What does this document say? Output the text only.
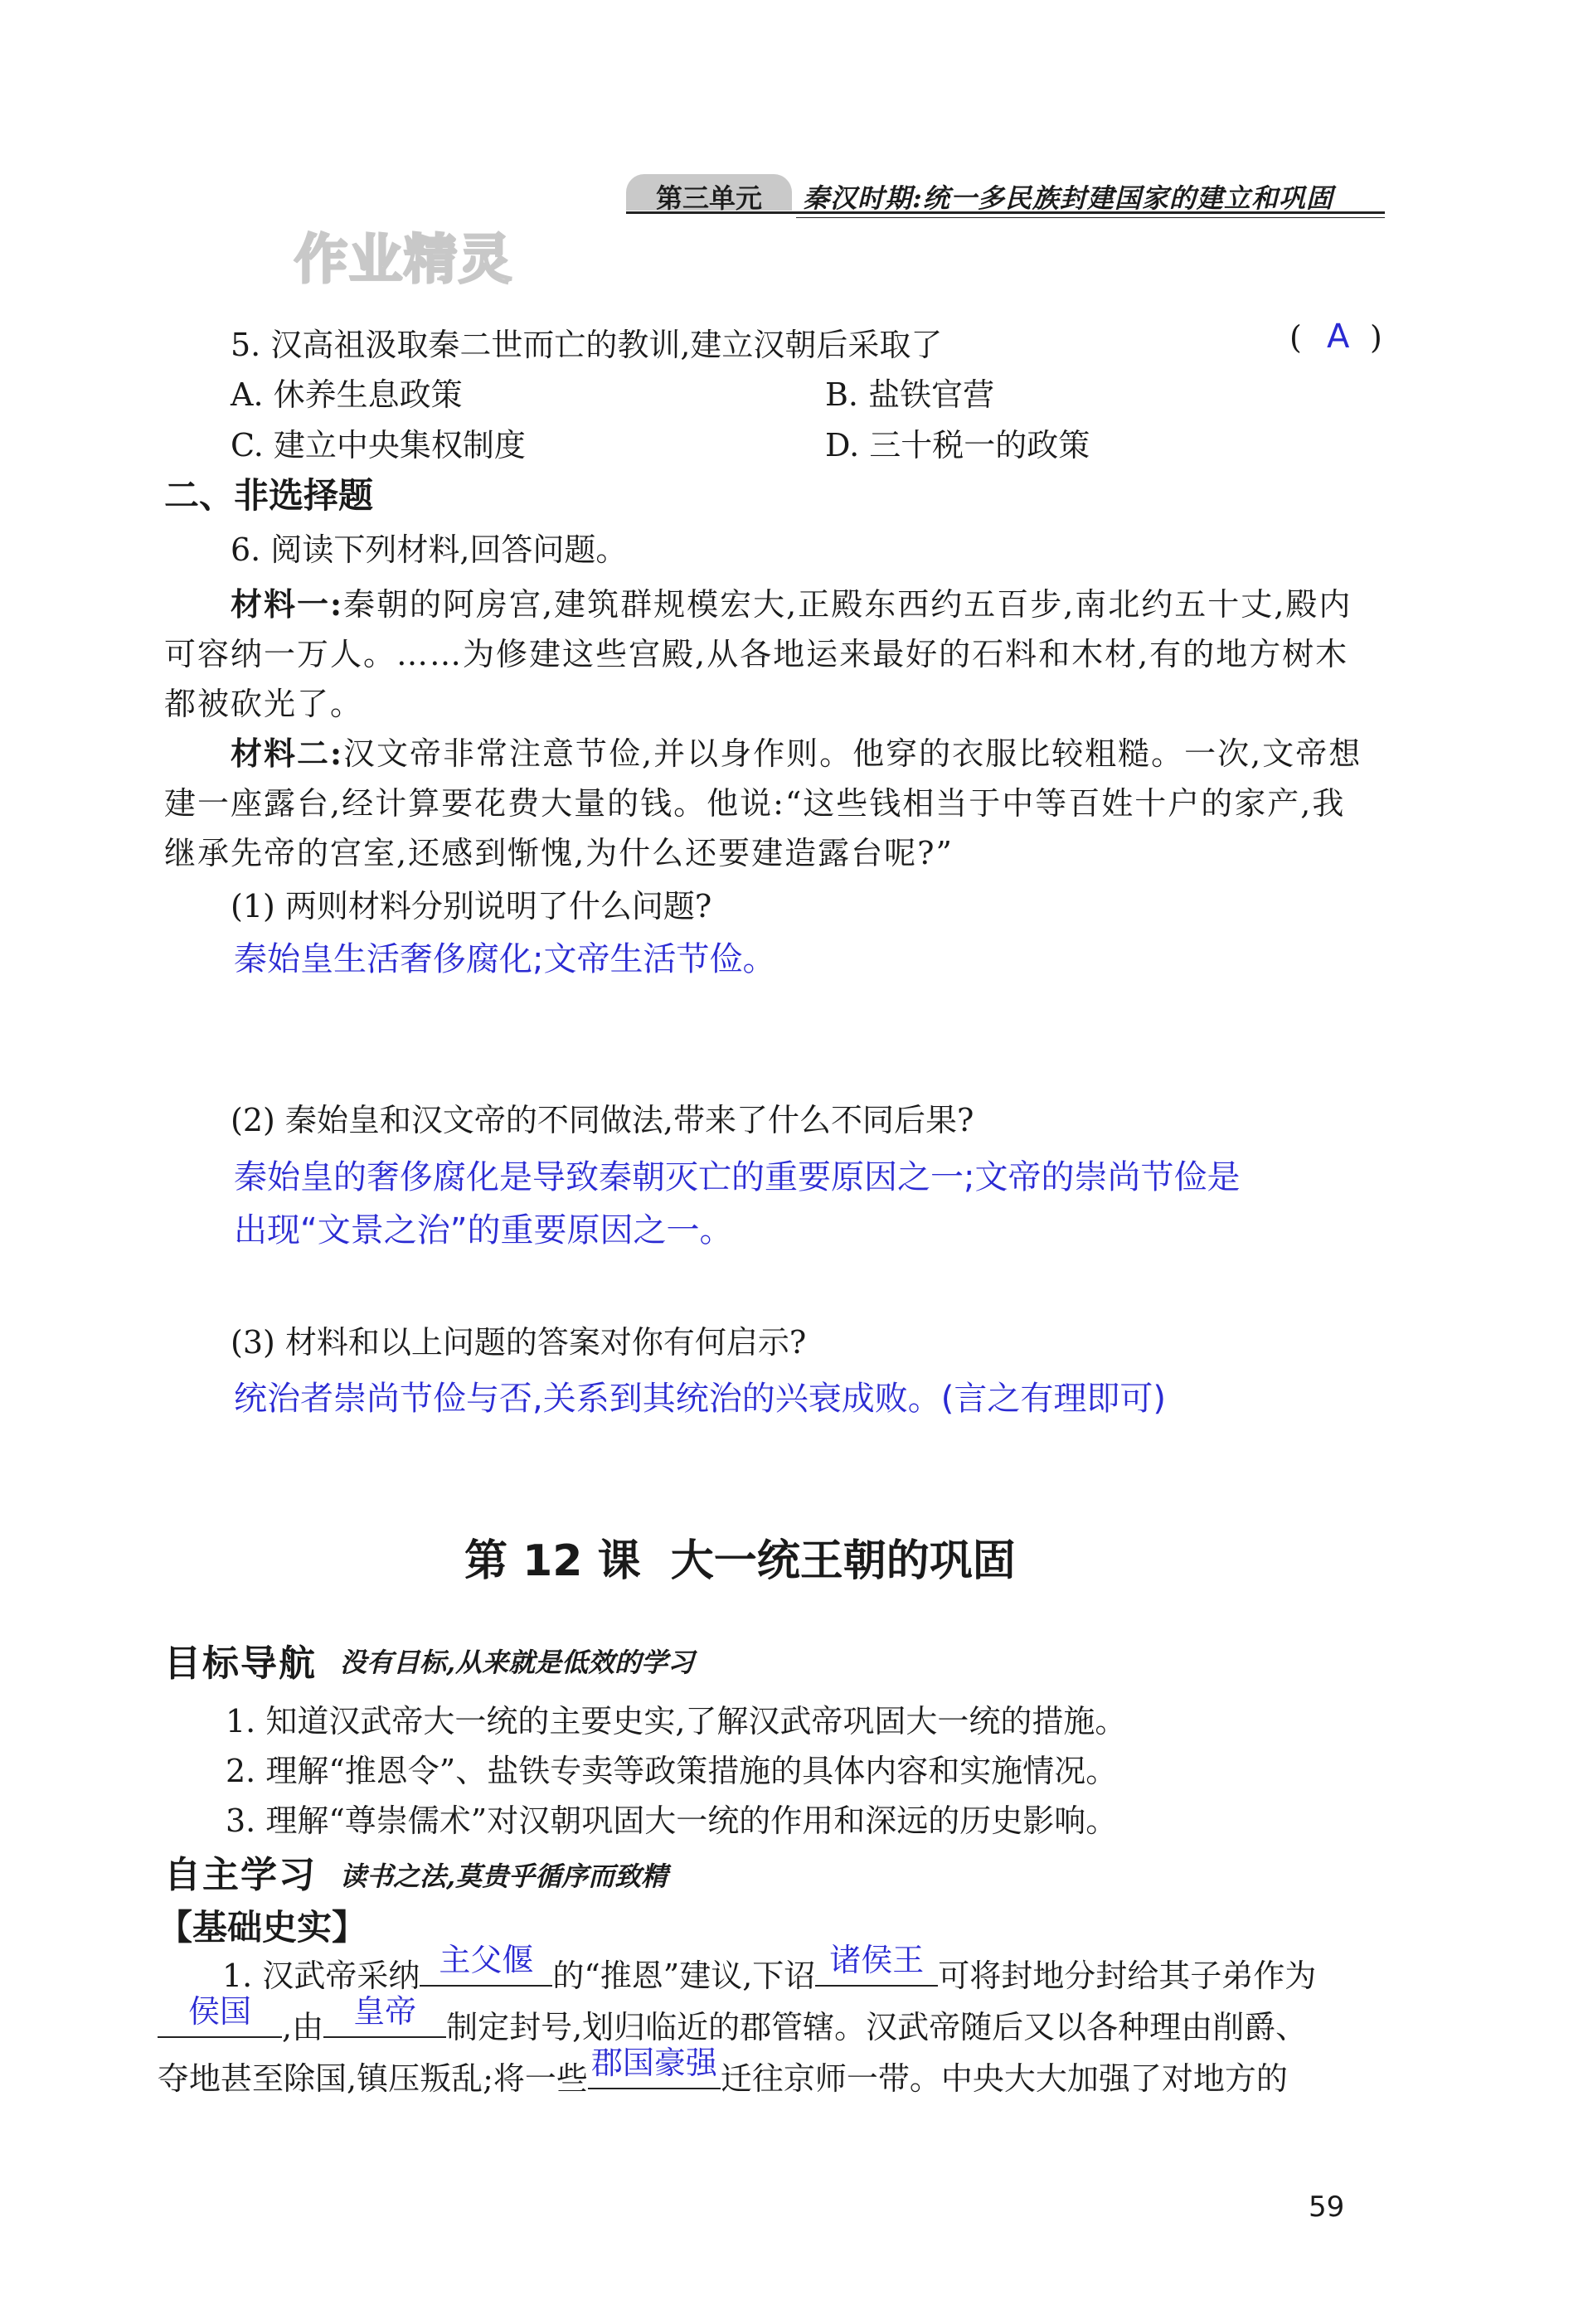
第三单元	秦汉时期:统一多民族封建国家的建立和巩固
作业精灵
5. 汉高祖汲取秦二世而亡的教训,建立汉朝后采取了	( A )
A. 休养生息政策	B. 盐铁官营
C. 建立中央集权制度	D. 三十税一的政策
二、非选择题
6. 阅读下列材料,回答问题。
材料一:秦朝的阿房宫,建筑群规模宏大,正殿东西约五百步,南北约五十丈,殿内
可容纳一万人。……为修建这些宫殿,从各地运来最好的石料和木材,有的地方树木
都被砍光了。
材料二:汉文帝非常注意节俭,并以身作则。他穿的衣服比较粗糙。一次,文帝想
建一座露台,经计算要花费大量的钱。他说:“这些钱相当于中等百姓十户的家产,我
继承先帝的宫室,还感到惭愧,为什么还要建造露台呢?”
(1) 两则材料分别说明了什么问题?
秦始皇生活奢侈腐化;文帝生活节俭。
(2) 秦始皇和汉文帝的不同做法,带来了什么不同后果?
秦始皇的奢侈腐化是导致秦朝灭亡的重要原因之一;文帝的崇尚节俭是
出现“文景之治”的重要原因之一。
(3) 材料和以上问题的答案对你有何启示?
统治者崇尚节俭与否,关系到其统治的兴衰成败。(言之有理即可)
第 12 课  大一统王朝的巩固
目标导航 没有目标,从来就是低效的学习
1. 知道汉武帝大一统的主要史实,了解汉武帝巩固大一统的措施。
2. 理解“推恩令”、盐铁专卖等政策措施的具体内容和实施情况。
3. 理解“尊崇儒术”对汉朝巩固大一统的作用和深远的历史影响。
自主学习 读书之法,莫贵乎循序而致精
【基础史实】
1. 汉武帝采纳 主父偃 的“推恩”建议,下诏 诸侯王 可将封地分封给其子弟作为
侯国 ,由 皇帝 制定封号,划归临近的郡管辖。汉武帝随后又以各种理由削爵、
夺地甚至除国,镇压叛乱;将一些 郡国豪强 迁往京师一带。中央大大加强了对地方的
59
